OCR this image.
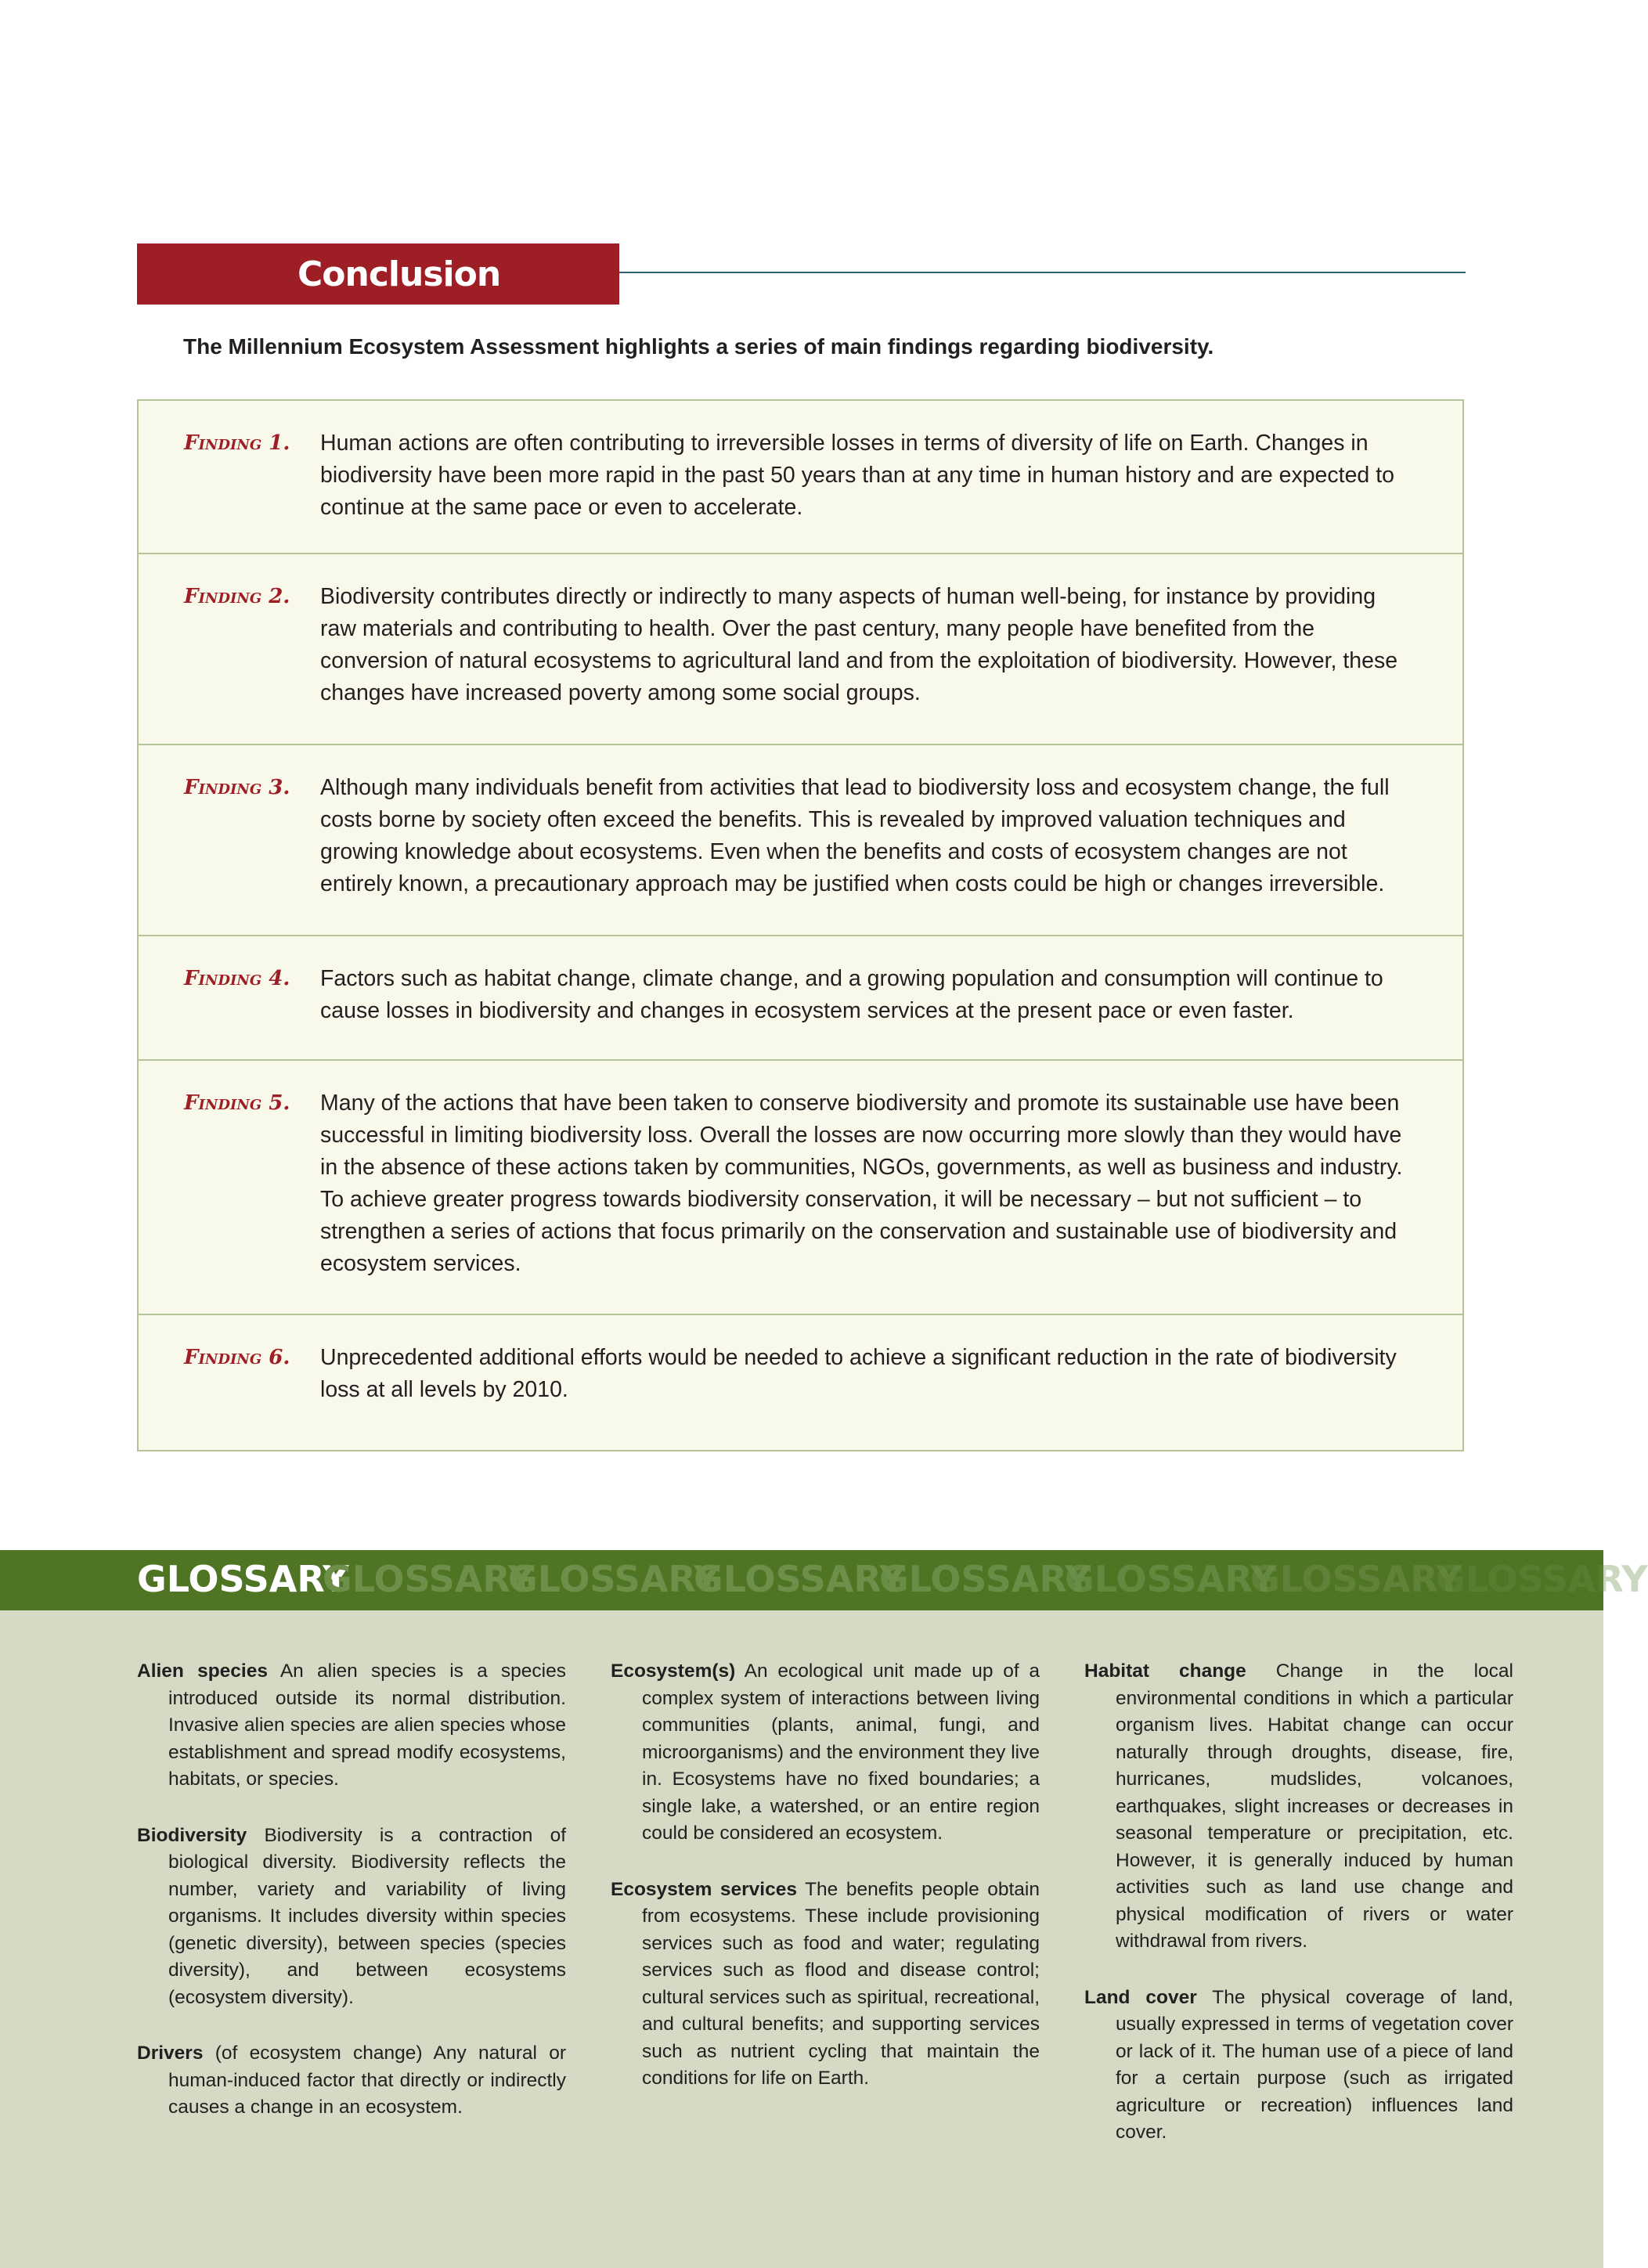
Conclusion
The Millennium Ecosystem Assessment highlights a series of main findings regarding biodiversity.
Finding 1.	Human actions are often contributing to irreversible losses in terms of diversity of life on Earth. Changes in biodiversity have been more rapid in the past 50 years than at any time in human history and are expected to continue at the same pace or even to accelerate.
Finding 2.	Biodiversity contributes directly or indirectly to many aspects of human well-being, for instance by providing raw materials and contributing to health. Over the past century, many people have benefited from the conversion of natural ecosystems to agricultural land and from the exploitation of biodiversity. However, these changes have increased poverty among some social groups.
Finding 3.	Although many individuals benefit from activities that lead to biodiversity loss and ecosystem change, the full costs borne by society often exceed the benefits. This is revealed by improved valuation techniques and growing knowledge about ecosystems. Even when the benefits and costs of ecosystem changes are not entirely known, a precautionary approach may be justified when costs could be high or changes irreversible.
Finding 4.	Factors such as habitat change, climate change, and a growing population and consumption will continue to cause losses in biodiversity and changes in ecosystem services at the present pace or even faster.
Finding 5.	Many of the actions that have been taken to conserve biodiversity and promote its sustainable use have been successful in limiting biodiversity loss. Overall the losses are now occurring more slowly than they would have in the absence of these actions taken by communities, NGOs, governments, as well as business and industry. To achieve greater progress towards biodiversity conservation, it will be necessary – but not sufficient – to strengthen a series of actions that focus primarily on the conservation and sustainable use of biodiversity and ecosystem services.
Finding 6.	Unprecedented additional efforts would be needed to achieve a significant reduction in the rate of biodiversity loss at all levels by 2010.
GLOSSARY
GLOSSARY
GLOSSARY
GLOSSARY
GLOSSARY
GLOSSARY
GLOSSARY
GLOSSARY

Alien species An alien species is a species introduced outside its normal distribution. Invasive alien species are alien species whose establishment and spread modify ecosystems, habitats, or species.

Biodiversity Biodiversity is a contraction of biological diversity. Biodiversity reflects the number, variety and variability of living organisms. It includes diversity within species (genetic diversity), between species (species diversity), and between ecosystems (ecosystem diversity).

Drivers (of ecosystem change) Any natural or human-induced factor that directly or indirectly causes a change in an ecosystem.

Ecosystem(s) An ecological unit made up of a complex system of interactions between living communities (plants, animal, fungi, and microorganisms) and the environment they live in. Ecosystems have no fixed boundaries; a single lake, a watershed, or an entire region could be considered an ecosystem.

Ecosystem services The benefits people obtain from ecosystems. These include provisioning services such as food and water; regulating services such as flood and disease control; cultural services such as spiritual, recreational, and cultural benefits; and supporting services such as nutrient cycling that maintain the conditions for life on Earth.

Habitat change Change in the local environmental conditions in which a particular organism lives. Habitat change can occur naturally through droughts, disease, fire, hurricanes, mudslides, volcanoes, earthquakes, slight increases or decreases in seasonal temperature or precipitation, etc. However, it is generally induced by human activities such as land use change and physical modification of rivers or water withdrawal from rivers.

Land cover The physical coverage of land, usually expressed in terms of vegetation cover or lack of it. The human use of a piece of land for a certain purpose (such as irrigated agriculture or recreation) influences land cover.
